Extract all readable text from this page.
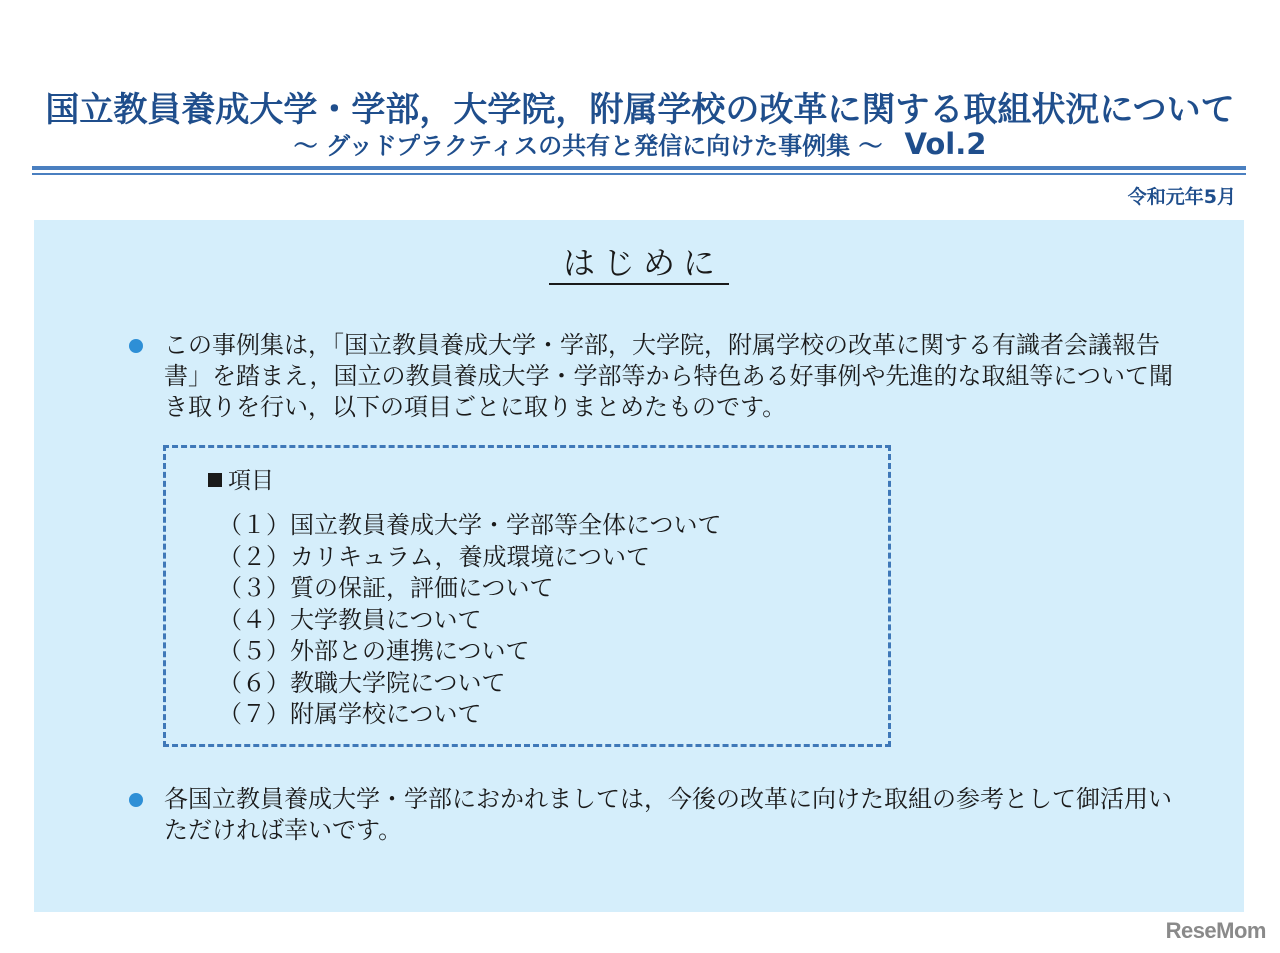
国立教員養成大学・学部，大学院，附属学校の改革に関する取組状況について
～ グッドプラクティスの共有と発信に向けた事例集 ～ Vol.2
令和元年5月
はじめに
この事例集は，「国立教員養成大学・学部，大学院，附属学校の改革に関する有識者会議報告書」を踏まえ，国立の教員養成大学・学部等から特色ある好事例や先進的な取組等について聞き取りを行い，以下の項目ごとに取りまとめたものです。
項目
（１）国立教員養成大学・学部等全体について
（２）カリキュラム，養成環境について
（３）質の保証，評価について
（４）大学教員について
（５）外部との連携について
（６）教職大学院について
（７）附属学校について
各国立教員養成大学・学部におかれましては，今後の改革に向けた取組の参考として御活用いただければ幸いです。
ReseMom
